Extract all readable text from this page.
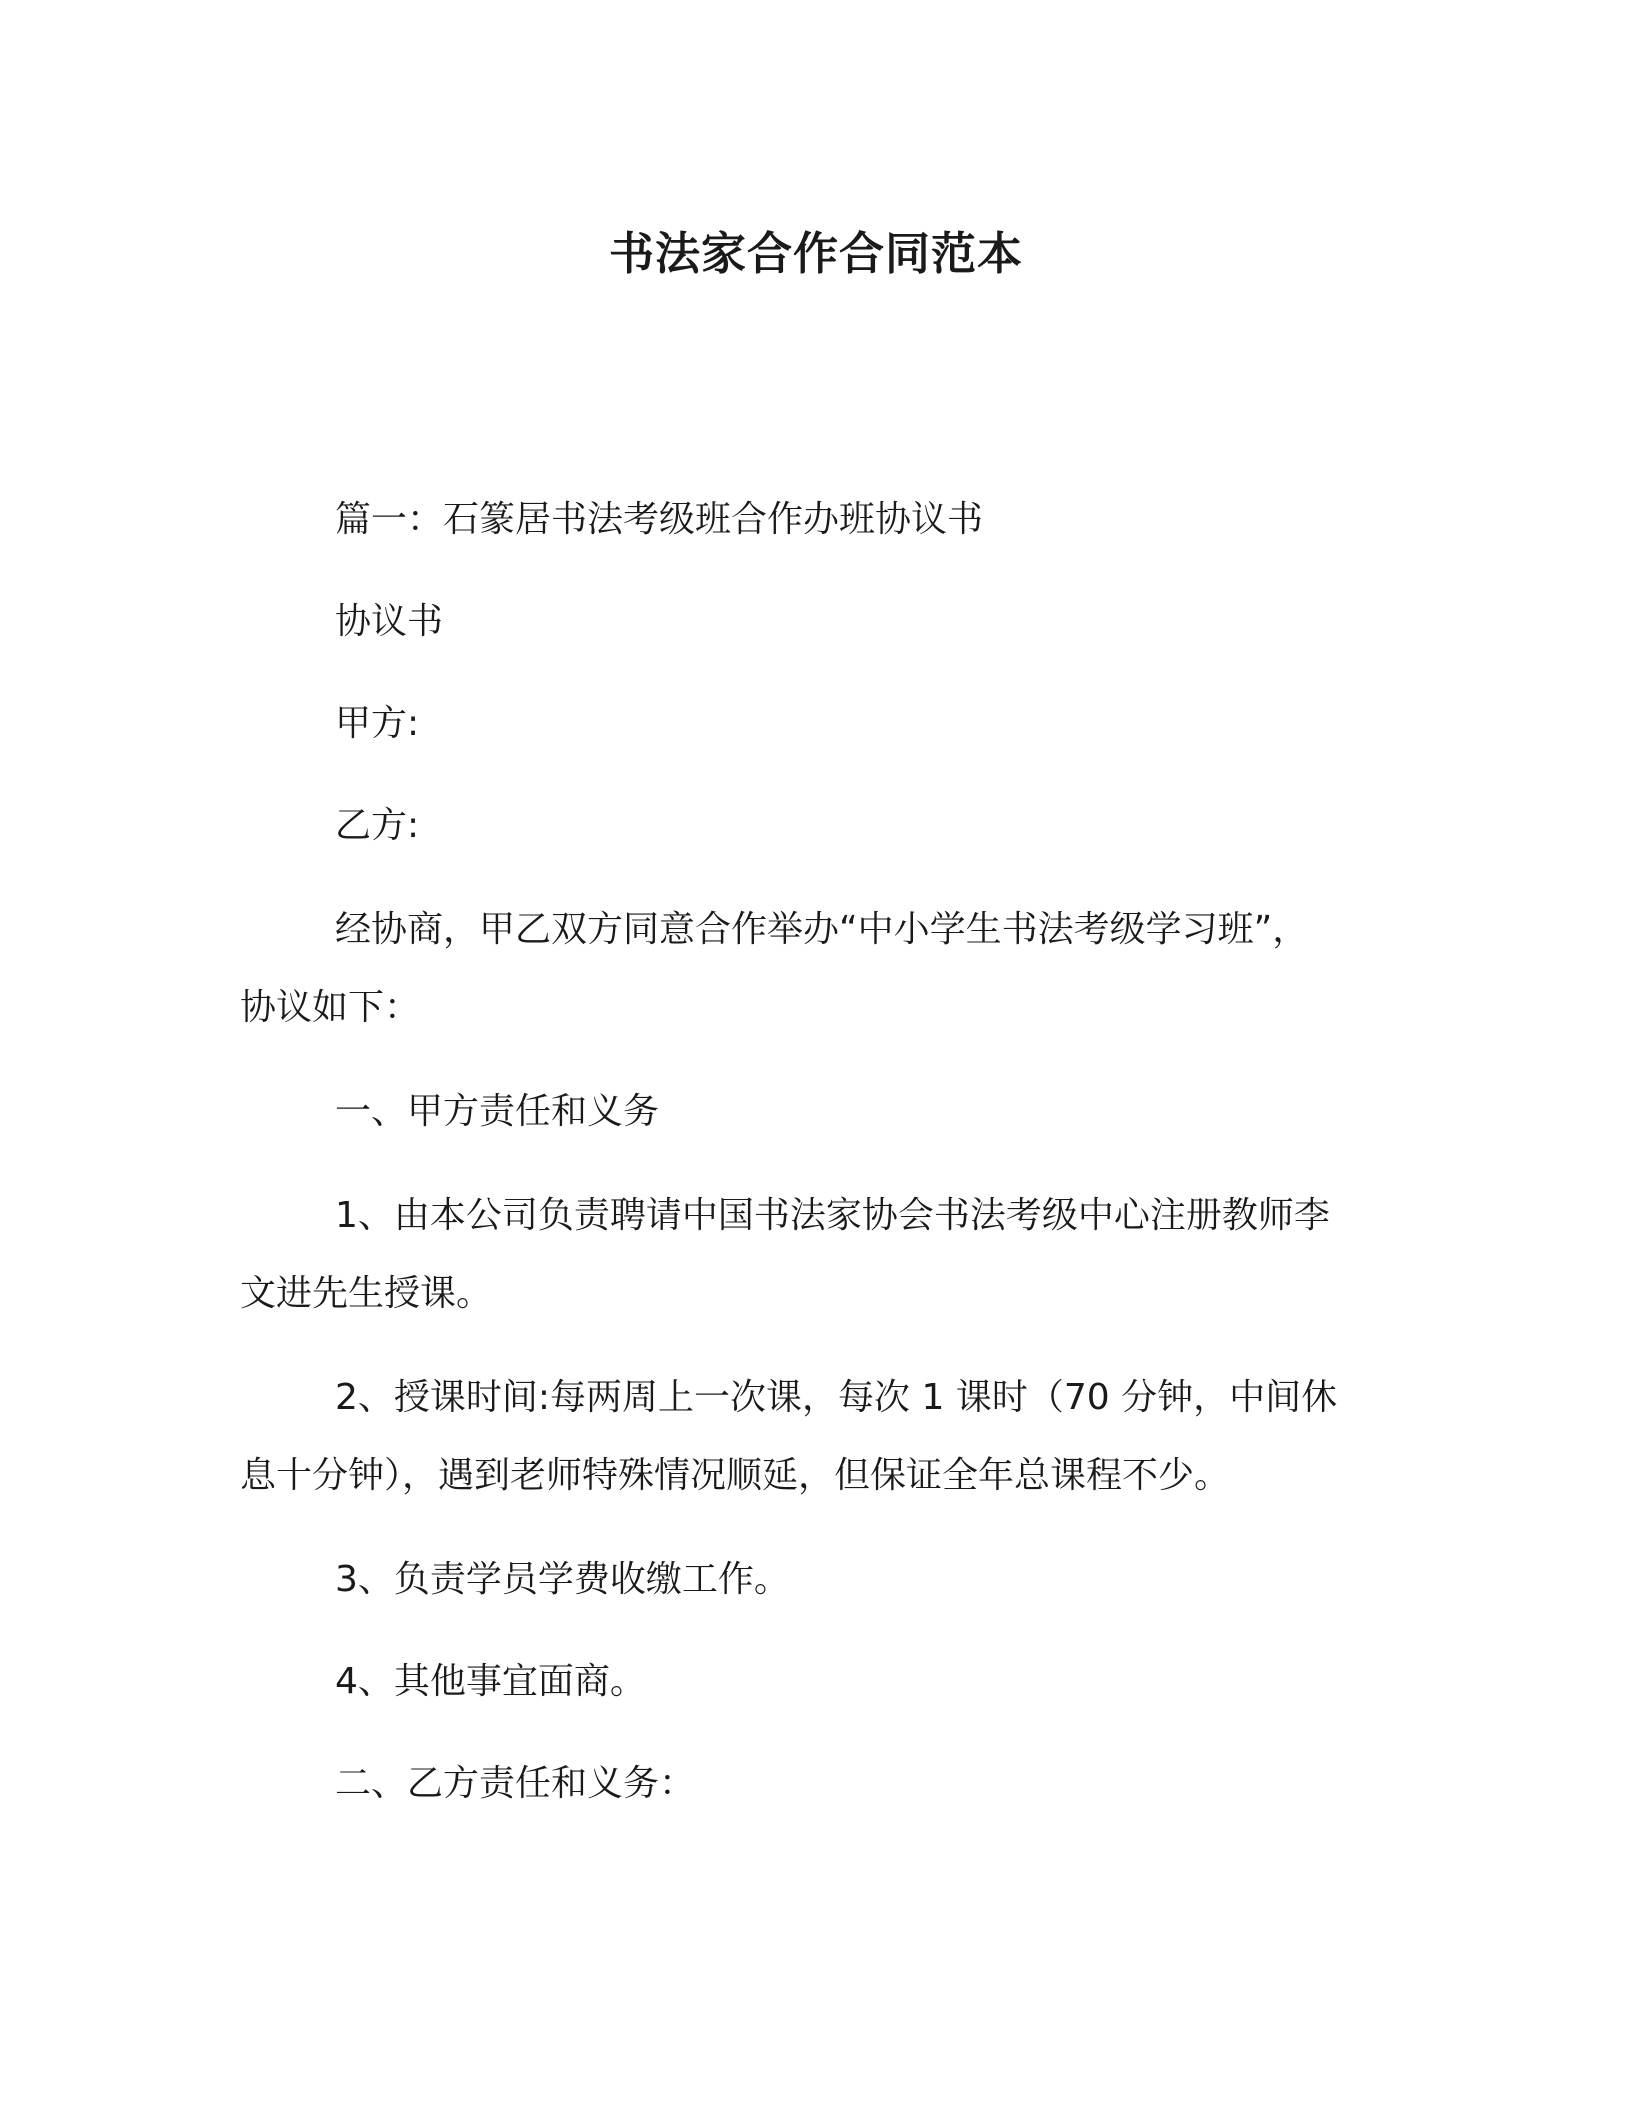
书法家合作合同范本
篇一：石篆居书法考级班合作办班协议书
协议书
甲方:
乙方:
经协商，甲乙双方同意合作举办“中小学生书法考级学习班”，
协议如下：
一、甲方责任和义务
1、由本公司负责聘请中国书法家协会书法考级中心注册教师李
文进先生授课。
2、授课时间:每两周上一次课，每次 1 课时（70 分钟，中间休
息十分钟），遇到老师特殊情况顺延，但保证全年总课程不少。
3、负责学员学费收缴工作。
4、其他事宜面商。
二、乙方责任和义务：
